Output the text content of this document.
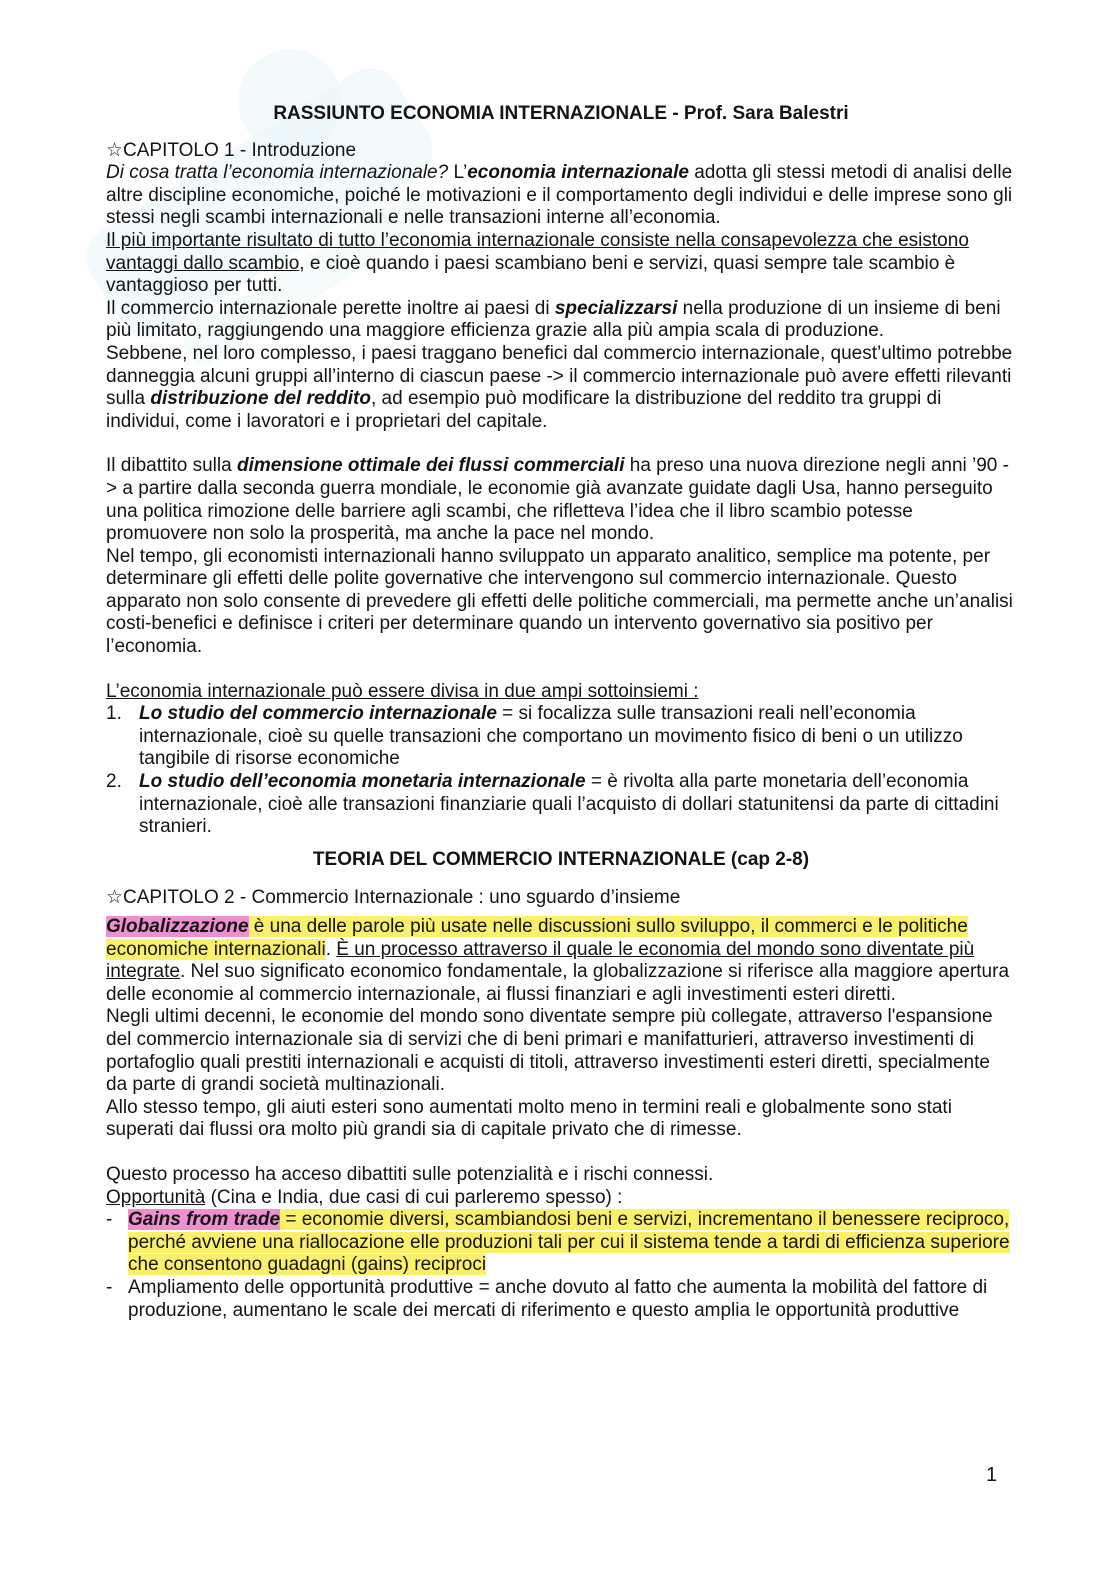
RASSIUNTO ECONOMIA INTERNAZIONALE - Prof. Sara Balestri

☆CAPITOLO 1 - Introduzione

Di cosa tratta l’economia internazionale? L’economia internazionale adotta gli stessi metodi di analisi delle altre discipline economiche, poiché le motivazioni e il comportamento degli individui e delle imprese sono gli stessi negli scambi internazionali e nelle transazioni interne all’economia.

Il più importante risultato di tutto l’economia internazionale consiste nella consapevolezza che esistono vantaggi dallo scambio, e cioè quando i paesi scambiano beni e servizi, quasi sempre tale scambio è vantaggioso per tutti.

Il commercio internazionale perette inoltre ai paesi di specializzarsi nella produzione di un insieme di beni più limitato, raggiungendo una maggiore efficienza grazie alla più ampia scala di produzione.

Sebbene, nel loro complesso, i paesi traggano benefici dal commercio internazionale, quest’ultimo potrebbe danneggia alcuni gruppi all’interno di ciascun paese -> il commercio internazionale può avere effetti rilevanti sulla distribuzione del reddito, ad esempio può modificare la distribuzione del reddito tra gruppi di individui, come i lavoratori e i proprietari del capitale.

Il dibattito sulla dimensione ottimale dei flussi commerciali ha preso una nuova direzione negli anni ’90 -> a partire dalla seconda guerra mondiale, le economie già avanzate guidate dagli Usa, hanno perseguito una politica rimozione delle barriere agli scambi, che rifletteva l’idea che il libro scambio potesse promuovere non solo la prosperità, ma anche la pace nel mondo.

Nel tempo, gli economisti internazionali hanno sviluppato un apparato analitico, semplice ma potente, per determinare gli effetti delle polite governative che intervengono sul commercio internazionale. Questo apparato non solo consente di prevedere gli effetti delle politiche commerciali, ma permette anche un’analisi costi-benefici e definisce i criteri per determinare quando un intervento governativo sia positivo per l’economia.

L’economia internazionale può essere divisa in due ampi sottoinsiemi :

1. Lo studio del commercio internazionale = si focalizza sulle transazioni reali nell’economia internazionale, cioè su quelle transazioni che comportano un movimento fisico di beni o un utilizzo tangibile di risorse economiche
2. Lo studio dell’economia monetaria internazionale = è rivolta alla parte monetaria dell’economia internazionale, cioè alle transazioni finanziarie quali l’acquisto di dollari statunitensi da parte di cittadini stranieri.

TEORIA DEL COMMERCIO INTERNAZIONALE (cap 2-8)

☆CAPITOLO 2 - Commercio Internazionale : uno sguardo d’insieme

Globalizzazione è una delle parole più usate nelle discussioni sullo sviluppo, il commerci e le politiche economiche internazionali. È un processo attraverso il quale le economia del mondo sono diventate più integrate. Nel suo significato economico fondamentale, la globalizzazione si riferisce alla maggiore apertura delle economie al commercio internazionale, ai flussi finanziari e agli investimenti esteri diretti.

Negli ultimi decenni, le economie del mondo sono diventate sempre più collegate, attraverso l'espansione del commercio internazionale sia di servizi che di beni primari e manifatturieri, attraverso investimenti di portafoglio quali prestiti internazionali e acquisti di titoli, attraverso investimenti esteri diretti, specialmente da parte di grandi società multinazionali.

Allo stesso tempo, gli aiuti esteri sono aumentati molto meno in termini reali e globalmente sono stati superati dai flussi ora molto più grandi sia di capitale privato che di rimesse.

Questo processo ha acceso dibattiti sulle potenzialità e i rischi connessi.

Opportunità (Cina e India, due casi di cui parleremo spesso) :

- Gains from trade = economie diversi, scambiandosi beni e servizi, incrementano il benessere reciproco, perché avviene una riallocazione elle produzioni tali per cui il sistema tende a tardi di efficienza superiore che consentono guadagni (gains) reciproci
- Ampliamento delle opportunità produttive = anche dovuto al fatto che aumenta la mobilità del fattore di produzione, aumentano le scale dei mercati di riferimento e questo amplia le opportunità produttive
1
